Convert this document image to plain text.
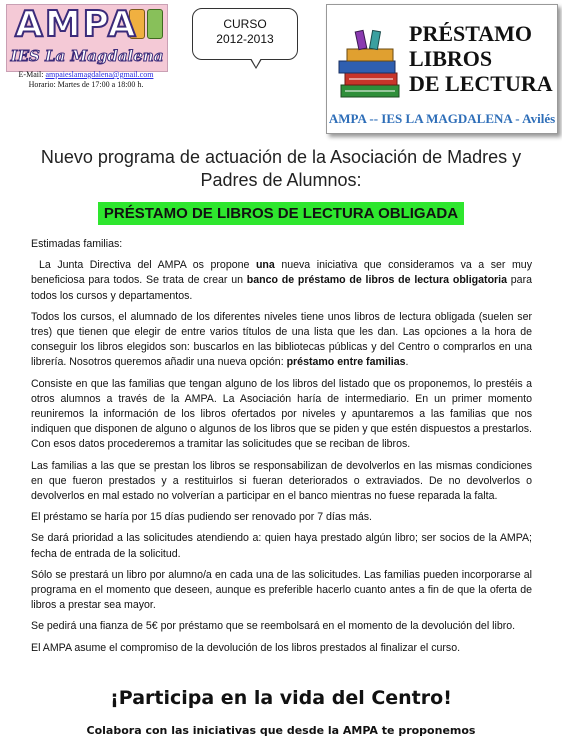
AMPA
IES La Magdalena
E-Mail: ampaieslamagdalena@gmail.com
Horario: Martes de 17:00 a 18:00 h.
CURSO
2012-2013	PRÉSTAMO
LIBROS
DE LECTURA
AMPA -- IES LA MAGDALENA - Avilés
Nuevo programa de actuación de la Asociación de Madres y Padres de Alumnos:
PRÉSTAMO DE LIBROS DE LECTURA OBLIGADA

Estimadas familias:

La Junta Directiva del AMPA os propone una nueva iniciativa que consideramos va a ser muy beneficiosa para todos. Se trata de crear un banco de préstamo de libros de lectura obligatoria para todos los cursos y departamentos.

Todos los cursos, el alumnado de los diferentes niveles tiene unos libros de lectura obligada (suelen ser tres) que tienen que elegir de entre varios títulos de una lista que les dan. Las opciones a la hora de conseguir los libros elegidos son: buscarlos en las bibliotecas públicas y del Centro o comprarlos en una librería. Nosotros queremos añadir una nueva opción: préstamo entre familias.

Consiste en que las familias que tengan alguno de los libros del listado que os proponemos, lo prestéis a otros alumnos a través de la AMPA. La Asociación haría de intermediario. En un primer momento reuniremos la información de los libros ofertados por niveles y apuntaremos a las familias que nos indiquen que disponen de alguno o algunos de los libros que se piden y que estén dispuestos a prestarlos. Con esos datos procederemos a tramitar las solicitudes que se reciban de libros.

Las familias a las que se prestan los libros se responsabilizan de devolverlos en las mismas condiciones en que fueron prestados y a restituirlos si fueran deteriorados o extraviados. De no devolverlos o devolverlos en mal estado no volverían a participar en el banco mientras no fuese reparada la falta.

El préstamo se haría por 15 días pudiendo ser renovado por 7 días más.

Se dará prioridad a las solicitudes atendiendo a: quien haya prestado algún libro; ser socios de la AMPA; fecha de entrada de la solicitud.

Sólo se prestará un libro por alumno/a en cada una de las solicitudes. Las familias pueden incorporarse al programa en el momento que deseen, aunque es preferible hacerlo cuanto antes a fin de que la oferta de libros a prestar sea mayor.

Se pedirá una fianza de 5€ por préstamo que se reembolsará en el momento de la devolución del libro.

El AMPA asume el compromiso de la devolución de los libros prestados al finalizar el curso.

¡Participa en la vida del Centro!
Colabora con las iniciativas que desde la AMPA te proponemos
